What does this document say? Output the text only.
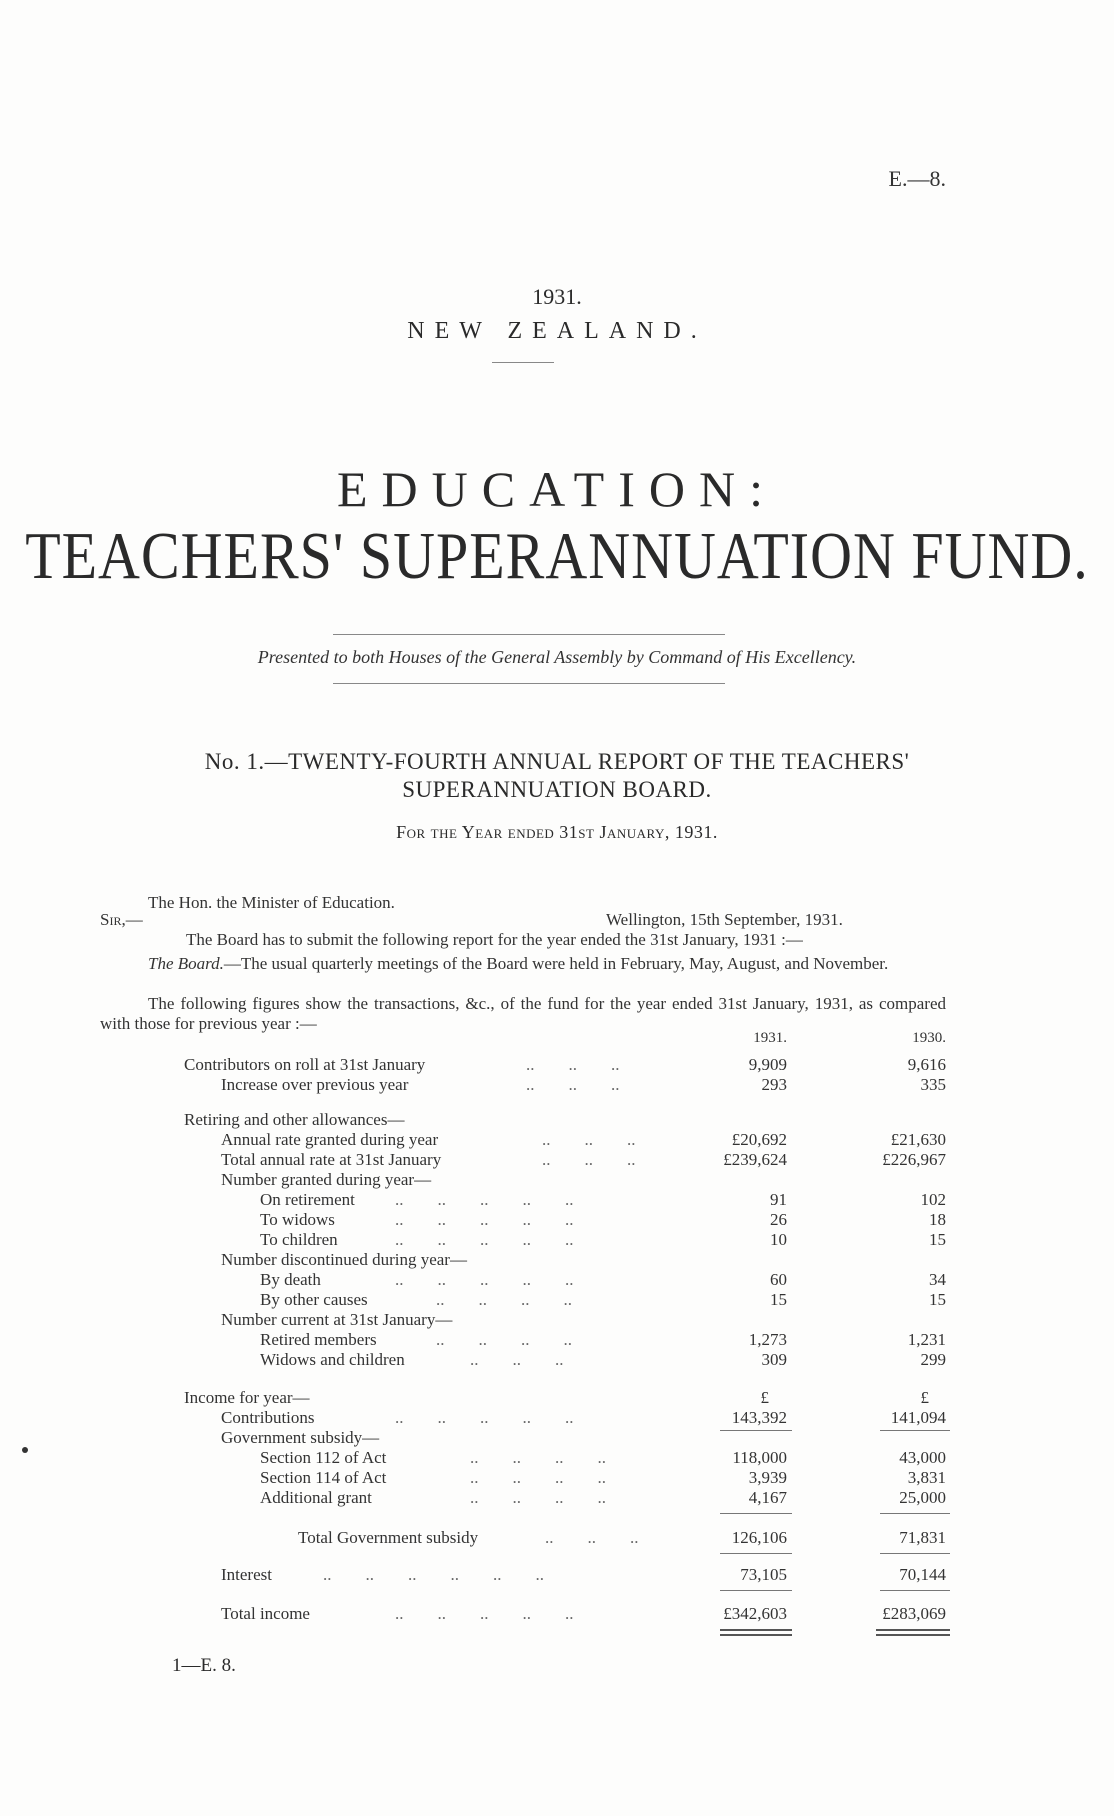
E.—8.
1931.
NEW ZEALAND.
EDUCATION:
TEACHERS' SUPERANNUATION FUND.
Presented to both Houses of the General Assembly by Command of His Excellency.
No. 1.—TWENTY-FOURTH ANNUAL REPORT OF THE TEACHERS'
SUPERANNUATION BOARD.
For the Year ended 31st January, 1931.
The Hon. the Minister of Education.
Sir,—	Wellington, 15th September, 1931.
The Board has to submit the following report for the year ended the 31st January, 1931 :—
The Board.—The usual quarterly meetings of the Board were held in February, May, August, and November.
The following figures show the transactions, &c., of the fund for the year ended 31st January, 1931, as compared with those for previous year :—
1931.	1930.
Contributors on roll at 31st January	..        ..        ..	9,909	9,616
Increase over previous year	..        ..        ..	293	335
Retiring and other allowances—
Annual rate granted during year	..        ..        ..	£20,692	£21,630
Total annual rate at 31st January	..        ..        ..	£239,624	£226,967
Number granted during year—
On retirement ..        ..        ..        ..        ..	91	102
To widows	..        ..        ..        ..        ..	26	18
To children	..        ..        ..        ..        ..	10	15
Number discontinued during year—
By death	..        ..        ..        ..        ..	60	34
By other causes	..        ..        ..        ..	15	15
Number current at 31st January—
Retired members	..        ..        ..        ..	1,273	1,231
Widows and children	..        ..        ..	309	299
Income for year—	£	£
Contributions	..        ..        ..        ..        ..	143,392	141,094
Government subsidy—
Section 112 of Act	..        ..        ..        ..	118,000	43,000
Section 114 of Act	..        ..        ..        ..	3,939	3,831
Additional grant	..        ..        ..        ..	4,167	25,000
Total Government subsidy	..        ..        ..	126,106	71,831
Interest	..        ..        ..        ..        ..        ..	73,105	70,144
Total income	..        ..        ..        ..        ..	£342,603	£283,069
1—E. 8.
